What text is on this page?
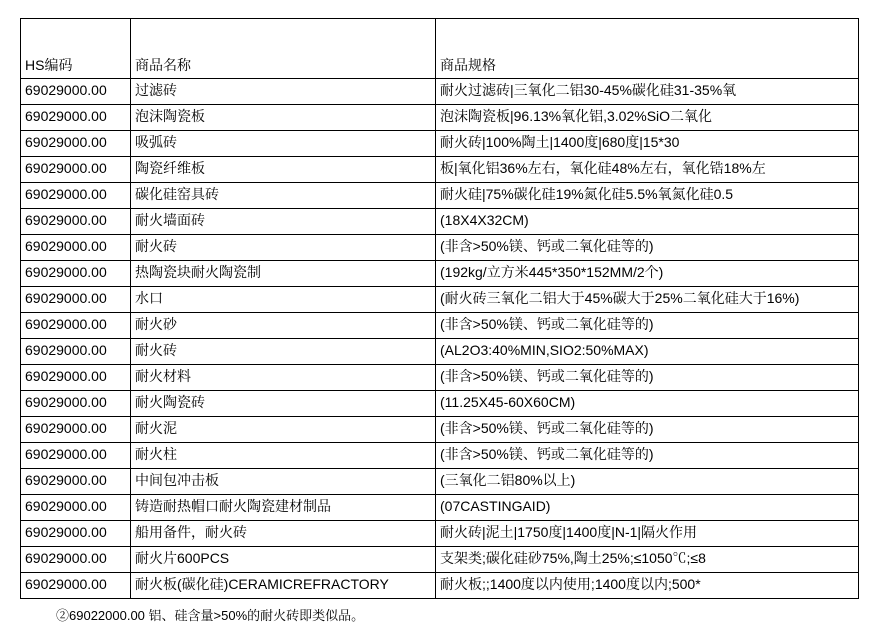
HS编码	商品名称	商品规格
69029000.00	过滤砖	耐火过滤砖|三氧化二铝30-45%碳化硅31-35%氧
69029000.00	泡沫陶瓷板	泡沫陶瓷板|96.13%氧化铝,3.02%SiO二氧化
69029000.00	吸弧砖	耐火砖|100%陶土|1400度|680度|15*30
69029000.00	陶瓷纤维板	板|氧化铝36%左右，氧化硅48%左右，氧化锆18%左
69029000.00	碳化硅窑具砖	耐火硅|75%碳化硅19%氮化硅5.5%氧氮化硅0.5
69029000.00	耐火墙面砖	(18X4X32CM)
69029000.00	耐火砖	(非含>50%镁、钙或二氧化硅等的)
69029000.00	热陶瓷块耐火陶瓷制	(192kg/立方米445*350*152MM/2个)
69029000.00	水口	(耐火砖三氧化二铝大于45%碳大于25%二氧化硅大于16%)
69029000.00	耐火砂	(非含>50%镁、钙或二氧化硅等的)
69029000.00	耐火砖	(AL2O3:40%MIN,SIO2:50%MAX)
69029000.00	耐火材料	(非含>50%镁、钙或二氧化硅等的)
69029000.00	耐火陶瓷砖	(11.25X45-60X60CM)
69029000.00	耐火泥	(非含>50%镁、钙或二氧化硅等的)
69029000.00	耐火柱	(非含>50%镁、钙或二氧化硅等的)
69029000.00	中间包冲击板	(三氧化二铝80%以上)
69029000.00	铸造耐热帽口耐火陶瓷建材制品	(07CASTINGAID)
69029000.00	船用备件，耐火砖	耐火砖|泥土|1750度|1400度|N-1|隔火作用
69029000.00	耐火片600PCS	支架类;碳化硅砂75%,陶土25%;≤1050℃;≤8
69029000.00	耐火板(碳化硅)CERAMICREFRACTORY	耐火板;;1400度以内使用;1400度以内;500*
②69022000.00 铝、硅含量>50%的耐火砖即类似品。
